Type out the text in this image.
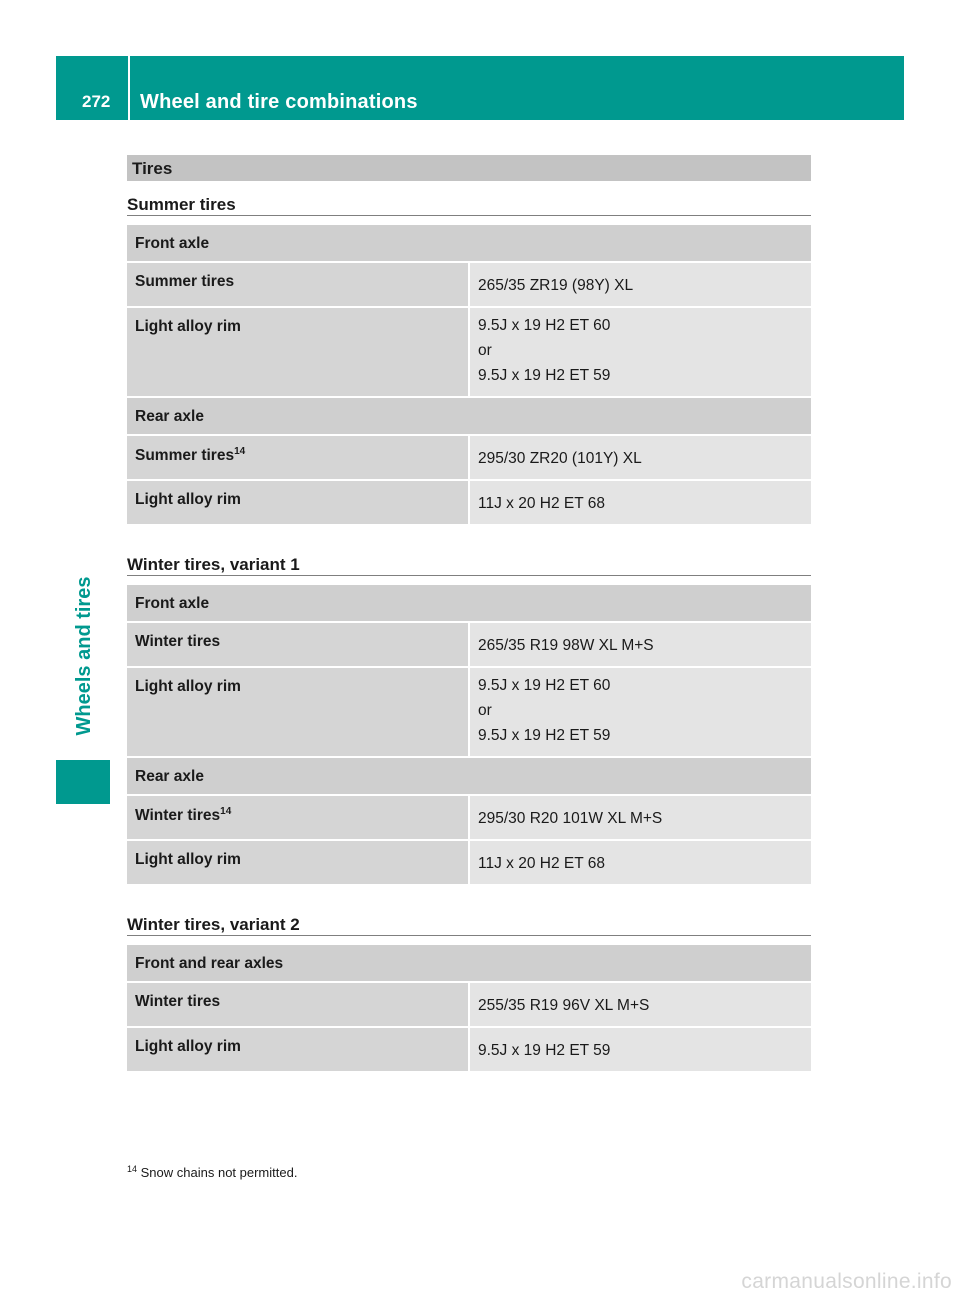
272 Wheel and tire combinations
Wheels and tires
Tires
Summer tires
Front axle	
Summer tires	265/35 ZR19 (98Y) XL

Light alloy rim	9.5J x 19 H2 ET 60
or
9.5J x 19 H2 ET 59

Rear axle	
Summer tires$^{14}$	295/30 ZR20 (101Y) XL

Light alloy rim	11J x 20 H2 ET 68
Winter tires, variant 1
Front axle	
Winter tires	265/35 R19 98W XL M+S

Light alloy rim	9.5J x 19 H2 ET 60
or
9.5J x 19 H2 ET 59

Rear axle	
Winter tires$^{14}$	295/30 R20 101W XL M+S

Light alloy rim	11J x 20 H2 ET 68
Winter tires, variant 2
Front and rear axles	
Winter tires	255/35 R19 96V XL M+S

Light alloy rim	9.5J x 19 H2 ET 59
$^{14}$ Snow chains not permitted.
carmanualsonline.info
